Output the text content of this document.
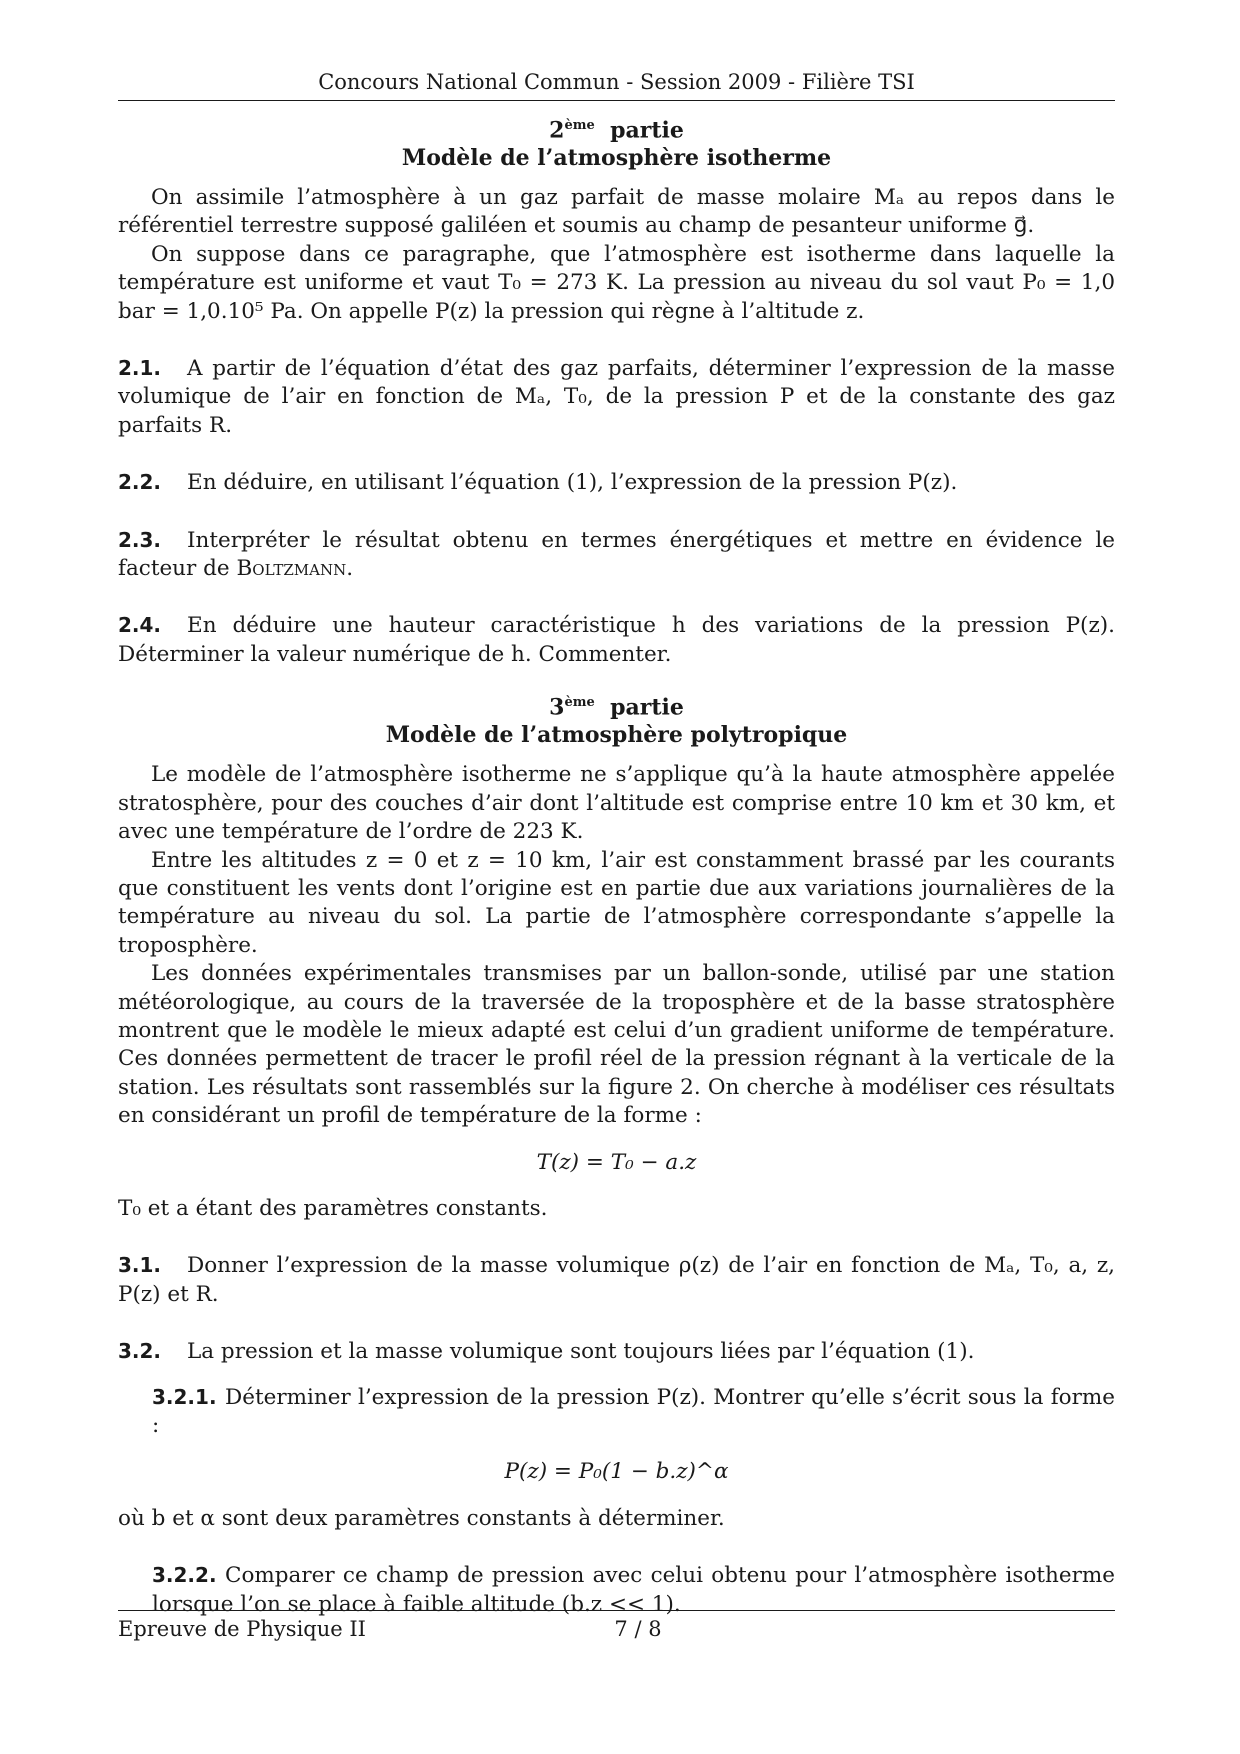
Concours National Commun - Session 2009 - Filière TSI
2ème partie
Modèle de l’atmosphère isotherme

On assimile l’atmosphère à un gaz parfait de masse molaire Mₐ au repos dans le référentiel terrestre supposé galiléen et soumis au champ de pesanteur uniforme g⃗.

On suppose dans ce paragraphe, que l’atmosphère est isotherme dans laquelle la température est uniforme et vaut T₀ = 273 K. La pression au niveau du sol vaut P₀ = 1,0 bar = 1,0.10⁵ Pa. On appelle P(z) la pression qui règne à l’altitude z.

2.1. A partir de l’équation d’état des gaz parfaits, déterminer l’expression de la masse volumique de l’air en fonction de Mₐ, T₀, de la pression P et de la constante des gaz parfaits R.

2.2. En déduire, en utilisant l’équation (1), l’expression de la pression P(z).

2.3. Interpréter le résultat obtenu en termes énergétiques et mettre en évidence le facteur de Boltzmann.

2.4. En déduire une hauteur caractéristique h des variations de la pression P(z). Déterminer la valeur numérique de h. Commenter.

3ème partie
Modèle de l’atmosphère polytropique

Le modèle de l’atmosphère isotherme ne s’applique qu’à la haute atmosphère appelée stratosphère, pour des couches d’air dont l’altitude est comprise entre 10 km et 30 km, et avec une température de l’ordre de 223 K.

Entre les altitudes z = 0 et z = 10 km, l’air est constamment brassé par les courants que constituent les vents dont l’origine est en partie due aux variations journalières de la température au niveau du sol. La partie de l’atmosphère correspondante s’appelle la troposphère.

Les données expérimentales transmises par un ballon-sonde, utilisé par une station météorologique, au cours de la traversée de la troposphère et de la basse stratosphère montrent que le modèle le mieux adapté est celui d’un gradient uniforme de température. Ces données permettent de tracer le profil réel de la pression régnant à la verticale de la station. Les résultats sont rassemblés sur la figure 2. On cherche à modéliser ces résultats en considérant un profil de température de la forme :

T(z) = T₀ − a.z

T₀ et a étant des paramètres constants.

3.1. Donner l’expression de la masse volumique ρ(z) de l’air en fonction de Mₐ, T₀, a, z, P(z) et R.

3.2. La pression et la masse volumique sont toujours liées par l’équation (1).

3.2.1. Déterminer l’expression de la pression P(z). Montrer qu’elle s’écrit sous la forme :

P(z) = P₀(1 − b.z)^α

où b et α sont deux paramètres constants à déterminer.

3.2.2. Comparer ce champ de pression avec celui obtenu pour l’atmosphère isotherme lorsque l’on se place à faible altitude (b.z << 1).

Epreuve de Physique II	7 / 8
